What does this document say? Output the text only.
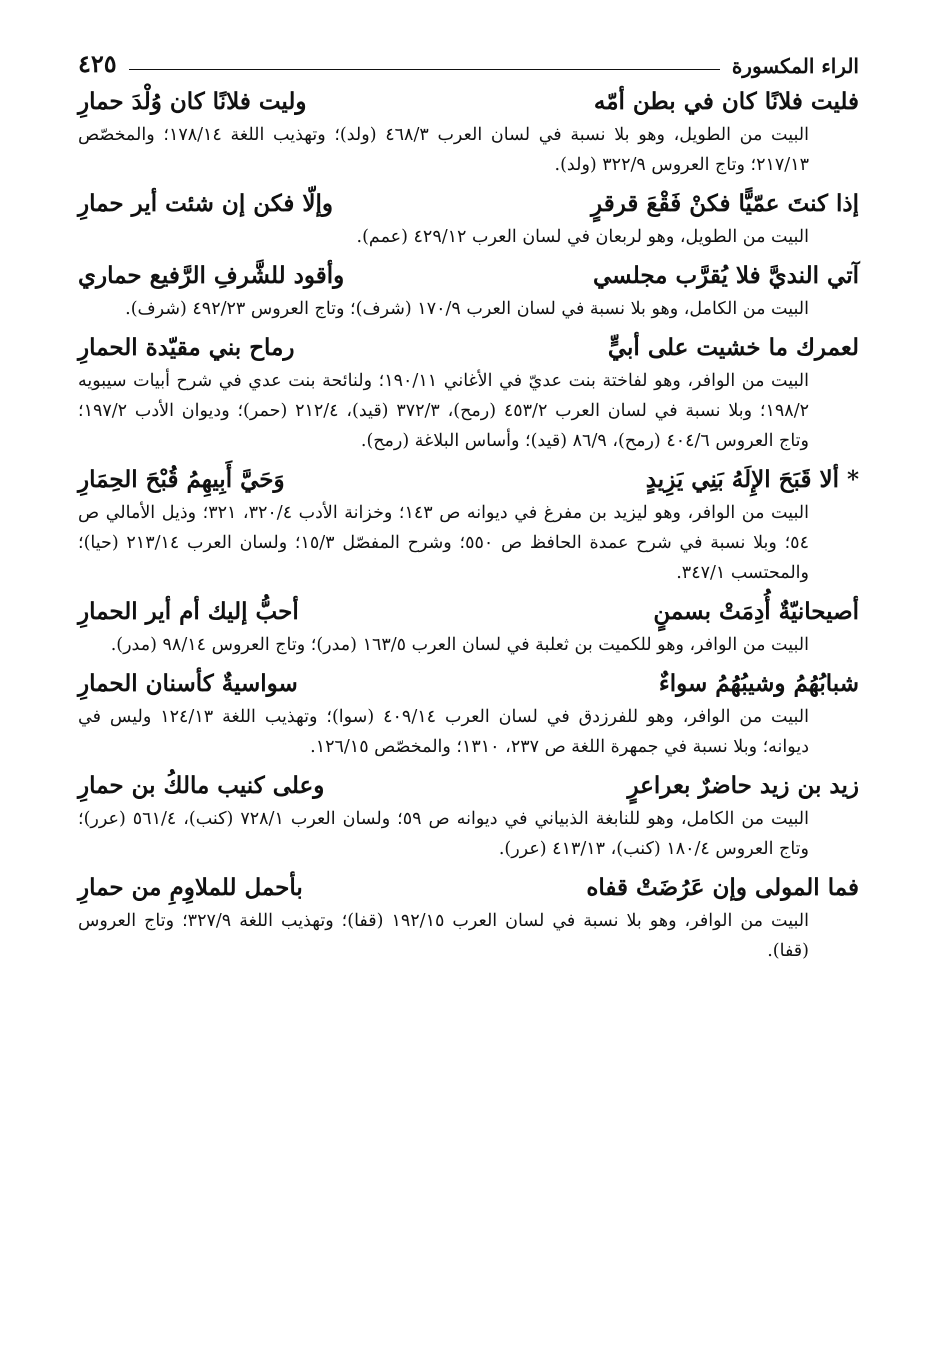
الراء المكسورة
٤٢٥
فليت فلانًا كان في بطن أمّه
وليت فلانًا كان وُلْدَ حمارِ
البيت من الطويل، وهو بلا نسبة في لسان العرب ٤٦٨/٣ (ولد)؛ وتهذيب اللغة ١٧٨/١٤؛ والمخصّص ٢١٧/١٣؛ وتاج العروس ٣٢٢/٩ (ولد).
إذا كنتَ عمّيًّا فكنْ فَقْعَ قرقرٍ
وإلّا فكن إن شئت أير حمارِ
البيت من الطويل، وهو لربعان في لسان العرب ٤٢٩/١٢ (عمم).
آتي النديَّ فلا يُقرَّب مجلسي
وأقود للشَّرفِ الرَّفيع حماري
البيت من الكامل، وهو بلا نسبة في لسان العرب ١٧٠/٩ (شرف)؛ وتاج العروس ٤٩٢/٢٣ (شرف).
لعمرك ما خشيت على أبيٍّ
رماح بني مقيّدة الحمارِ
البيت من الوافر، وهو لفاختة بنت عديّ في الأغاني ١٩٠/١١؛ ولنائحة بنت عدي في شرح أبيات سيبويه ١٩٨/٢؛ وبلا نسبة في لسان العرب ٤٥٣/٢ (رمح)، ٣٧٢/٣ (قيد)، ٢١٢/٤ (حمر)؛ وديوان الأدب ١٩٧/٢؛ وتاج العروس ٤٠٤/٦ (رمح)، ٨٦/٩ (قيد)؛ وأساس البلاغة (رمح).
* ألا قَبَحَ الإِلَهُ بَنِي يَزِيدٍ
وَحَيَّ أَبِيهِمُ قُبْحَ الحِمَارِ
البيت من الوافر، وهو ليزيد بن مفرغ في ديوانه ص ١٤٣؛ وخزانة الأدب ٣٢٠/٤، ٣٢١؛ وذيل الأمالي ص ٥٤؛ وبلا نسبة في شرح عمدة الحافظ ص ٥٥٠؛ وشرح المفصّل ١٥/٣؛ ولسان العرب ٢١٣/١٤ (حيا)؛ والمحتسب ٣٤٧/١.
أصيحانيّةٌ أُدِمَتْ بسمنٍ
أحبُّ إليك أم أير الحمارِ
البيت من الوافر، وهو للكميت بن ثعلبة في لسان العرب ١٦٣/٥ (مدر)؛ وتاج العروس ٩٨/١٤ (مدر).
شبابُهُمُ وشيبُهُمُ سواءٌ
سواسيةٌ كأسنان الحمارِ
البيت من الوافر، وهو للفرزدق في لسان العرب ٤٠٩/١٤ (سوا)؛ وتهذيب اللغة ١٢٤/١٣ وليس في ديوانه؛ وبلا نسبة في جمهرة اللغة ص ٢٣٧، ١٣١٠؛ والمخصّص ١٢٦/١٥.
زيد بن زيد حاضرٌ بعراعرٍ
وعلى كنيب مالكُ بن حمارِ
البيت من الكامل، وهو للنابغة الذبياني في ديوانه ص ٥٩؛ ولسان العرب ٧٢٨/١ (كنب)، ٥٦١/٤ (عرر)؛ وتاج العروس ١٨٠/٤ (كنب)، ٤١٣/١٣ (عرر).
فما المولى وإن عَرُضَتْ قفاه
بأحمل للملاوِمِ من حمارِ
البيت من الوافر، وهو بلا نسبة في لسان العرب ١٩٢/١٥ (قفا)؛ وتهذيب اللغة ٣٢٧/٩؛ وتاج العروس (قفا).
